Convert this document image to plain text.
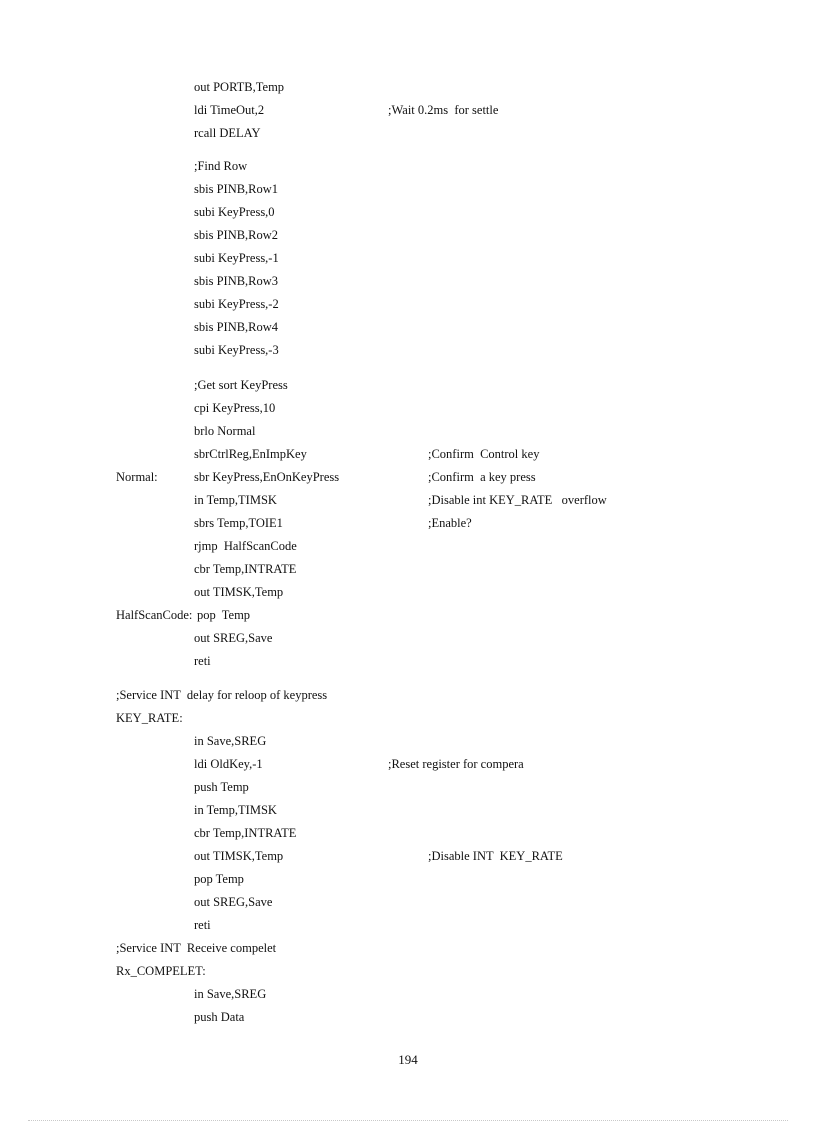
out PORTB,Temp
ldi TimeOut,2	;Wait 0.2ms  for settle
rcall DELAY
;Find Row
sbis PINB,Row1
subi KeyPress,0
sbis PINB,Row2
subi KeyPress,-1
sbis PINB,Row3
subi KeyPress,-2
sbis PINB,Row4
subi KeyPress,-3
;Get sort KeyPress
cpi KeyPress,10
brlo Normal
sbrCtrlReg,EnImpKey	;Confirm  Control key
Normal:	sbr KeyPress,EnOnKeyPress	;Confirm  a key press
in Temp,TIMSK	;Disable int KEY_RATE   overflow
sbrs Temp,TOIE1	;Enable?
rjmp  HalfScanCode
cbr Temp,INTRATE
out TIMSK,Temp
HalfScanCode: pop  Temp
out SREG,Save
reti
;Service INT  delay for reloop of keypress
KEY_RATE:
in Save,SREG
ldi OldKey,-1	;Reset register for compera
push Temp
in Temp,TIMSK
cbr Temp,INTRATE
out TIMSK,Temp	;Disable INT  KEY_RATE
pop Temp
out SREG,Save
reti
;Service INT  Receive compelet
Rx_COMPELET:
in Save,SREG
push Data
194
